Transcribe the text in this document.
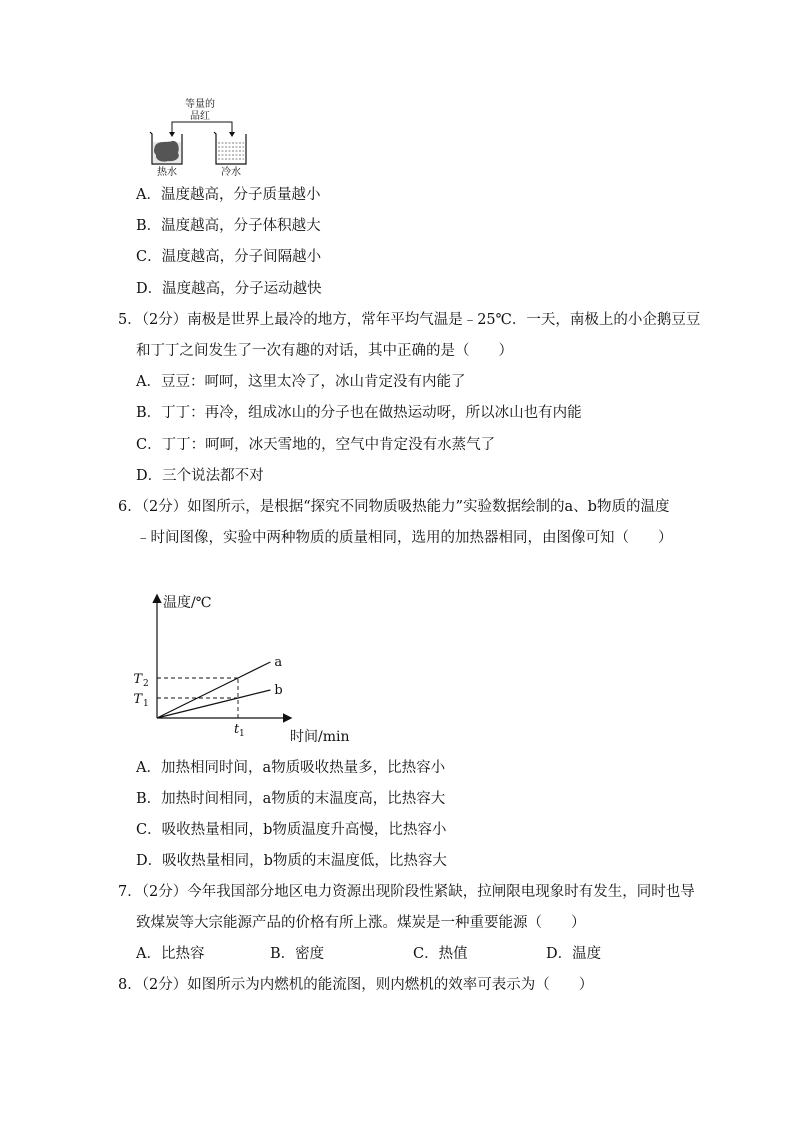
等量的
品红
热水	冷水
A．温度越高，分子质量越小
B．温度越高，分子体积越大
C．温度越高，分子间隔越小
D．温度越高，分子运动越快
5．（2分）南极是世界上最冷的地方，常年平均气温是﹣25℃．一天，南极上的小企鹅豆豆
和丁丁之间发生了一次有趣的对话，其中正确的是（　　）
A．豆豆：呵呵，这里太冷了，冰山肯定没有内能了
B．丁丁：再冷，组成冰山的分子也在做热运动呀，所以冰山也有内能
C．丁丁：呵呵，冰天雪地的，空气中肯定没有水蒸气了
D．三个说法都不对
6．（2分）如图所示，是根据“探究不同物质吸热能力”实验数据绘制的a、b物质的温度
﹣时间图像，实验中两种物质的质量相同，选用的加热器相同，由图像可知（　　）
温度/℃
时间/min
T 2
T 1
t 1
a
b
A．加热相同时间，a物质吸收热量多，比热容小
B．加热时间相同，a物质的末温度高，比热容大
C．吸收热量相同，b物质温度升高慢，比热容小
D．吸收热量相同，b物质的末温度低，比热容大
7．（2分）今年我国部分地区电力资源出现阶段性紧缺，拉闸限电现象时有发生，同时也导
致煤炭等大宗能源产品的价格有所上涨。煤炭是一种重要能源（　　）
A．比热容	B．密度	C．热值	D．温度
8．（2分）如图所示为内燃机的能流图，则内燃机的效率可表示为（　　）
